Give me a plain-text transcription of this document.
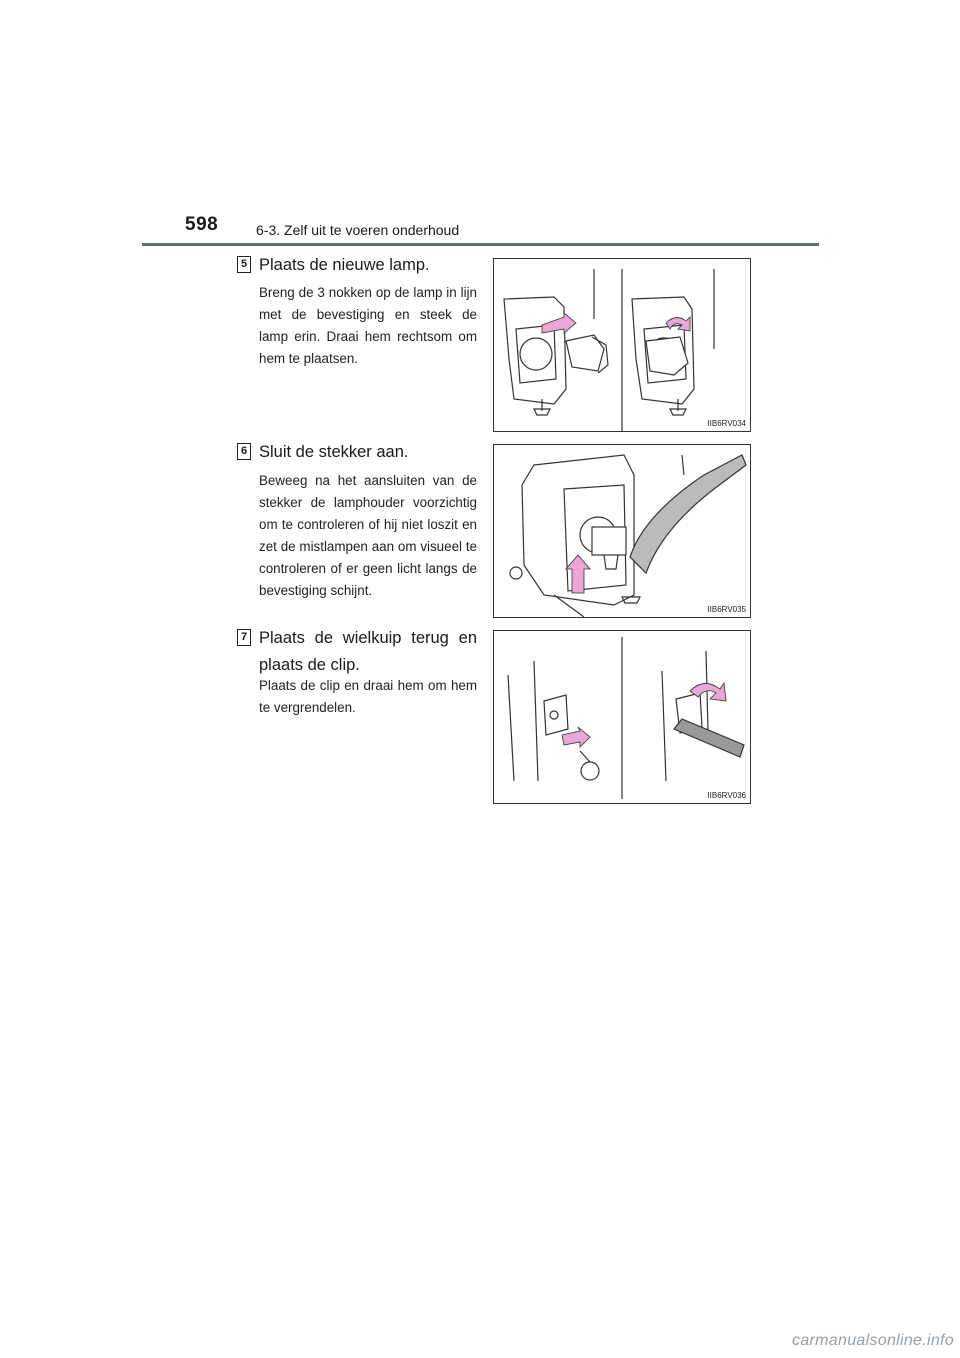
598	6-3. Zelf uit te voeren onderhoud
5 Plaats de nieuwe lamp.
Breng de 3 nokken op de lamp in lijn met de bevestiging en steek de lamp erin. Draai hem rechtsom om hem te plaatsen.
IIB6RV034
6 Sluit de stekker aan.
Beweeg na het aansluiten van de stekker de lamphouder voorzichtig om te controleren of hij niet loszit en zet de mistlampen aan om visueel te controleren of er geen licht langs de bevestiging schijnt.
IIB6RV035
7 Plaats de wielkuip terug en plaats de clip.
Plaats de clip en draai hem om hem te vergrendelen.
IIB6RV036
carmanualsonline.info
